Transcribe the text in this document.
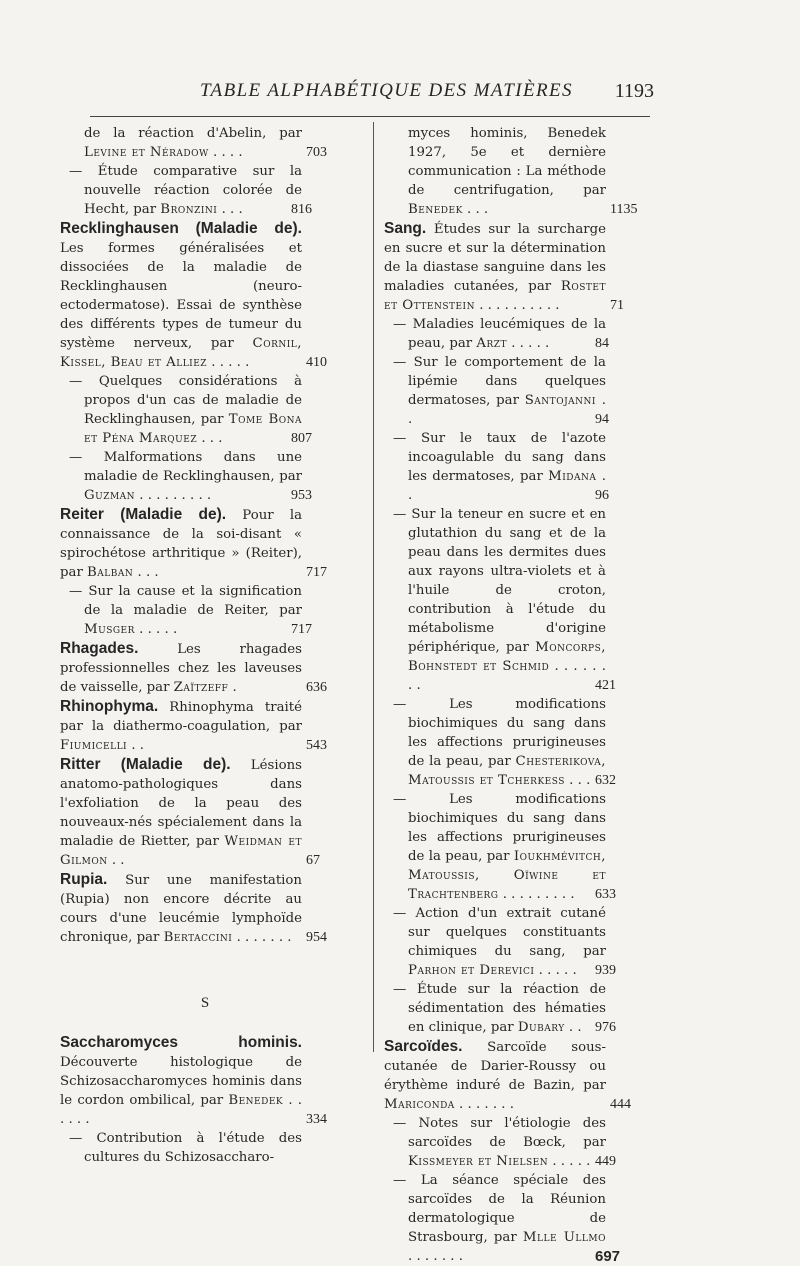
TABLE ALPHABÉTIQUE DES MATIÈRES 1193
de la réaction d'Abelin, par Levine et Néradow . . . .	703
— Étude comparative sur la nouvelle réaction colorée de Hecht, par Bronzini . . .	816
Recklinghausen (Maladie de). Les formes généralisées et dissociées de la maladie de Recklinghausen (neuro-ectodermatose). Essai de synthèse des différents types de tumeur du système nerveux, par Cornil, Kissel, Beau et Alliez . . . . .	410
— Quelques considérations à propos d'un cas de maladie de Recklinghausen, par Tome Bona et Péna Marquez . . .	807
— Malformations dans une maladie de Recklinghausen, par Guzman . . . . . . . . .	953
Reiter (Maladie de). Pour la connaissance de la soi-disant « spirochétose arthritique » (Reiter), par Balban . . .	717
— Sur la cause et la signification de la maladie de Reiter, par Musger . . . . .	717
Rhagades. Les rhagades professionnelles chez les laveuses de vaisselle, par Zaïtzeff .	636
Rhinophyma. Rhinophyma traité par la diathermo-coagulation, par Fiumicelli . .	543
Ritter (Maladie de). Lésions anatomo-pathologiques dans l'exfoliation de la peau des nouveaux-nés spécialement dans la maladie de Rietter, par Weidman et Gilmon . .	67
Rupia. Sur une manifestation (Rupia) non encore décrite au cours d'une leucémie lymphoïde chronique, par Bertaccini . . . . . . . 954
S
Saccharomyces hominis. Découverte histologique de Schizosaccharomyces hominis dans le cordon ombilical, par Benedek . . . . . .	334
— Contribution à l'étude des cultures du Schizosaccharo-
myces hominis, Benedek 1927, 5e et dernière communication : La méthode de centrifugation, par Benedek . . .	1135
Sang. Études sur la surcharge en sucre et sur la détermination de la diastase sanguine dans les maladies cutanées, par Rostet et Ottenstein . . . . . . . . . .	71
— Maladies leucémiques de la peau, par Arzt . . . . .	84
— Sur le comportement de la lipémie dans quelques dermatoses, par Santojanni . .	94
— Sur le taux de l'azote incoagulable du sang dans les dermatoses, par Midana . .	96
— Sur la teneur en sucre et en glutathion du sang et de la peau dans les dermites dues aux rayons ultra-violets et à l'huile de croton, contribution à l'étude du métabolisme d'origine périphérique, par Moncorps, Bohnstedt et Schmid . . . . . . . .	421
— Les modifications biochimiques du sang dans les affections prurigineuses de la peau, par Chesterikova, Matoussis et Tcherkess . . . 632
— Les modifications biochimiques du sang dans les affections prurigineuses de la peau, par Ioukhmévitch, Matoussis, Oïwine et Trachtenberg . . . . . . . . . 633
— Action d'un extrait cutané sur quelques constituants chimiques du sang, par Parhon et Derevici . . . . . 939
— Étude sur la réaction de sédimentation des hématies en clinique, par Dubary . . 976
Sarcoïdes. Sarcoïde sous-cutanée de Darier-Roussy ou érythème induré de Bazin, par Mariconda . . . . . . .	444
— Notes sur l'étiologie des sarcoïdes de Bœck, par Kissmeyer et Nielsen . . . . . 449
— La séance spéciale des sarcoïdes de la Réunion dermatologique de Strasbourg, par Mlle Ullmo . . . . . . .	697
